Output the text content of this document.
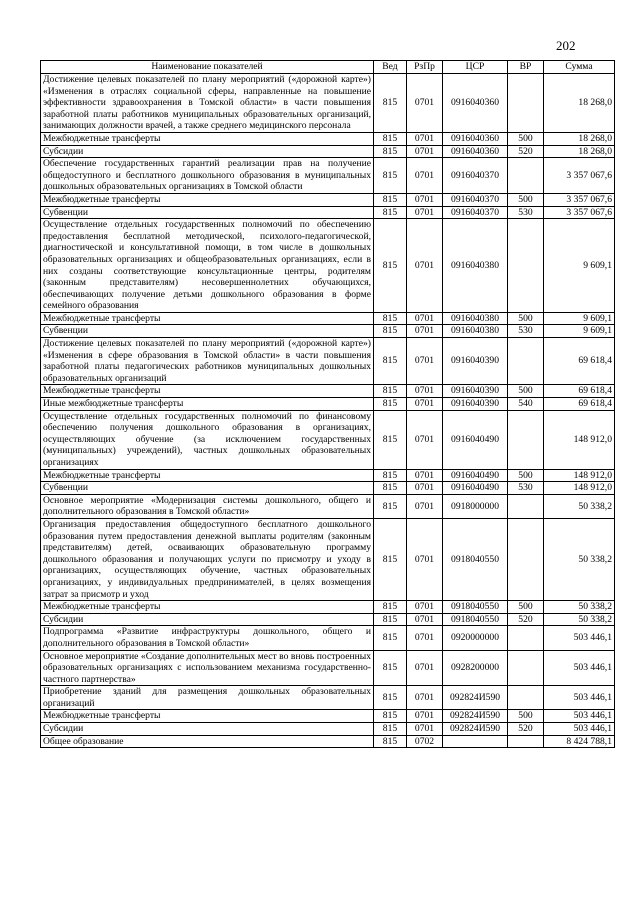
202
Наименование показателей	Вед	РзПр	ЦСР	ВР	Сумма
Достижение целевых показателей по плану мероприятий («дорожной картe») «Изменения в отраслях социальной сферы, направленные на повышение эффективности здравоохранения в Томской области» в части повышения заработной платы работников муниципальных образовательных организаций, занимающих должности врачей, а также среднего медицинского персонала	815	0701	0916040360		18 268,0
Межбюджетные трансферты	815	0701	0916040360	500	18 268,0
Субсидии	815	0701	0916040360	520	18 268,0
Обеспечение государственных гарантий реализации прав на получение общедоступного и бесплатного дошкольного образования в муниципальных дошкольных образовательных организациях в Томской области	815	0701	0916040370		3 357 067,6
Межбюджетные трансферты	815	0701	0916040370	500	3 357 067,6
Субвенции	815	0701	0916040370	530	3 357 067,6
Осуществление отдельных государственных полномочий по обеспечению предоставления бесплатной методической, психолого-педагогической, диагностической и консультативной помощи, в том числе в дошкольных образовательных организациях и общеобразовательных организациях, если в них созданы соответствующие консультационные центры, родителям (законным представителям) несовершеннолетних обучающихся, обеспечивающих получение детьми дошкольного образования в форме семейного образования	815	0701	0916040380		9 609,1
Межбюджетные трансферты	815	0701	0916040380	500	9 609,1
Субвенции	815	0701	0916040380	530	9 609,1
Достижение целевых показателей по плану мероприятий («дорожной картe») «Изменения в сфере образования в Томской области» в части повышения заработной платы педагогических работников муниципальных дошкольных образовательных организаций	815	0701	0916040390		69 618,4
Межбюджетные трансферты	815	0701	0916040390	500	69 618,4
Иные межбюджетные трансферты	815	0701	0916040390	540	69 618,4
Осуществление отдельных государственных полномочий по финансовому обеспечению получения дошкольного образования в организациях, осуществляющих обучение (за исключением государственных (муниципальных) учреждений), частных дошкольных образовательных организациях	815	0701	0916040490		148 912,0
Межбюджетные трансферты	815	0701	0916040490	500	148 912,0
Субвенции	815	0701	0916040490	530	148 912,0
Основное мероприятие «Модернизация системы дошкольного, общего и дополнительного образования в Томской области»	815	0701	0918000000		50 338,2
Организация предоставления общедоступного бесплатного дошкольного образования путем предоставления денежной выплаты родителям (законным представителям) детей, осваивающих образовательную программу дошкольного образования и получающих услуги по присмотру и уходу в организациях, осуществляющих обучение, частных образовательных организациях, у индивидуальных предпринимателей, в целях возмещения затрат за присмотр и уход	815	0701	0918040550		50 338,2
Межбюджетные трансферты	815	0701	0918040550	500	50 338,2
Субсидии	815	0701	0918040550	520	50 338,2
Подпрограмма «Развитие инфраструктуры дошкольного, общего и дополнительного образования в Томской области»	815	0701	0920000000		503 446,1
Основное мероприятие «Создание дополнительных мест во вновь построенных образовательных организациях с использованием механизма государственно-частного партнерства»	815	0701	0928200000		503 446,1
Приобретение зданий для размещения дошкольных образовательных организаций	815	0701	092824И590		503 446,1
Межбюджетные трансферты	815	0701	092824И590	500	503 446,1
Субсидии	815	0701	092824И590	520	503 446,1
Общее образование	815	0702			8 424 788,1
